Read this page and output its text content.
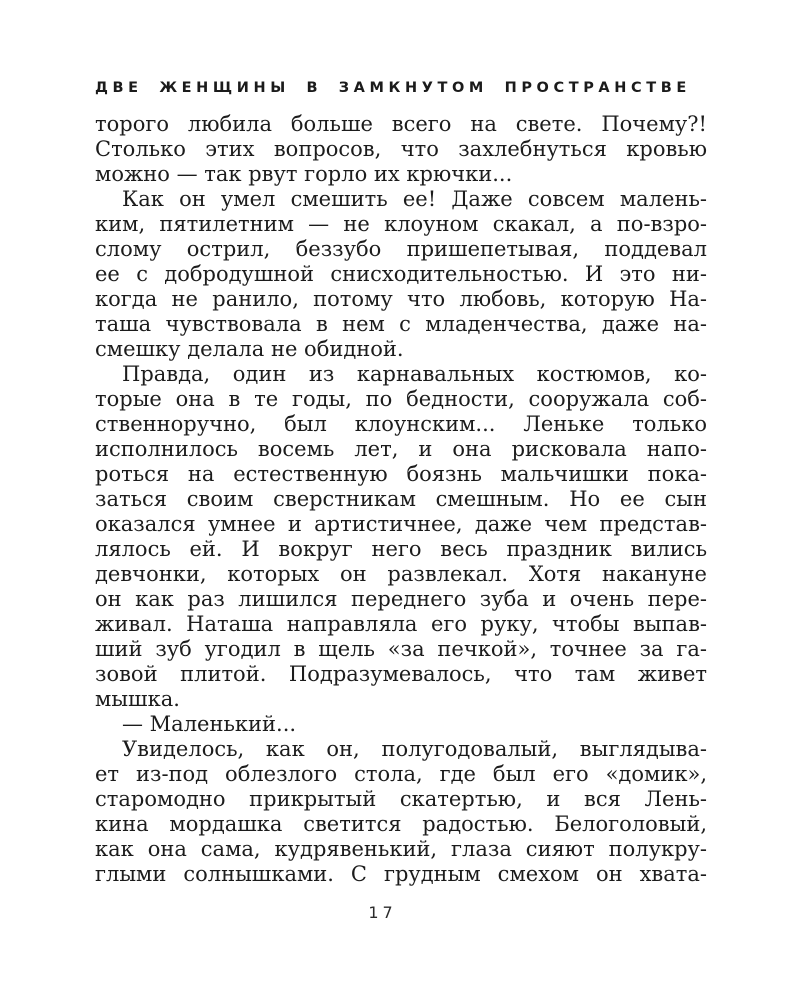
ДВЕ ЖЕНЩИНЫ В ЗАМКНУТОМ ПРОСТРАНСТВЕ
торого любила больше всего на свете. Почему?!
Столько этих вопросов, что захлебнуться кровью
можно — так рвут горло их крючки...
Как он умел смешить ее! Даже совсем малень-
ким, пятилетним — не клоуном скакал, а по-взро-
слому острил, беззубо пришепетывая, поддевал
ее с добродушной снисходительностью. И это ни-
когда не ранило, потому что любовь, которую На-
таша чувствовала в нем с младенчества, даже на-
смешку делала не обидной.
Правда, один из карнавальных костюмов, ко-
торые она в те годы, по бедности, сооружала соб-
ственноручно, был клоунским... Леньке только
исполнилось восемь лет, и она рисковала напо-
роться на естественную боязнь мальчишки пока-
заться своим сверстникам смешным. Но ее сын
оказался умнее и артистичнее, даже чем представ-
лялось ей. И вокруг него весь праздник вились
девчонки, которых он развлекал. Хотя накануне
он как раз лишился переднего зуба и очень пере-
живал. Наташа направляла его руку, чтобы выпав-
ший зуб угодил в щель «за печкой», точнее за га-
зовой плитой. Подразумевалось, что там живет
мышка.
— Маленький...
Увиделось, как он, полугодовалый, выглядыва-
ет из-под облезлого стола, где был его «домик»,
старомодно прикрытый скатертью, и вся Лень-
кина мордашка светится радостью. Белоголовый,
как она сама, кудрявенький, глаза сияют полукру-
глыми солнышками. С грудным смехом он хвата-
17
